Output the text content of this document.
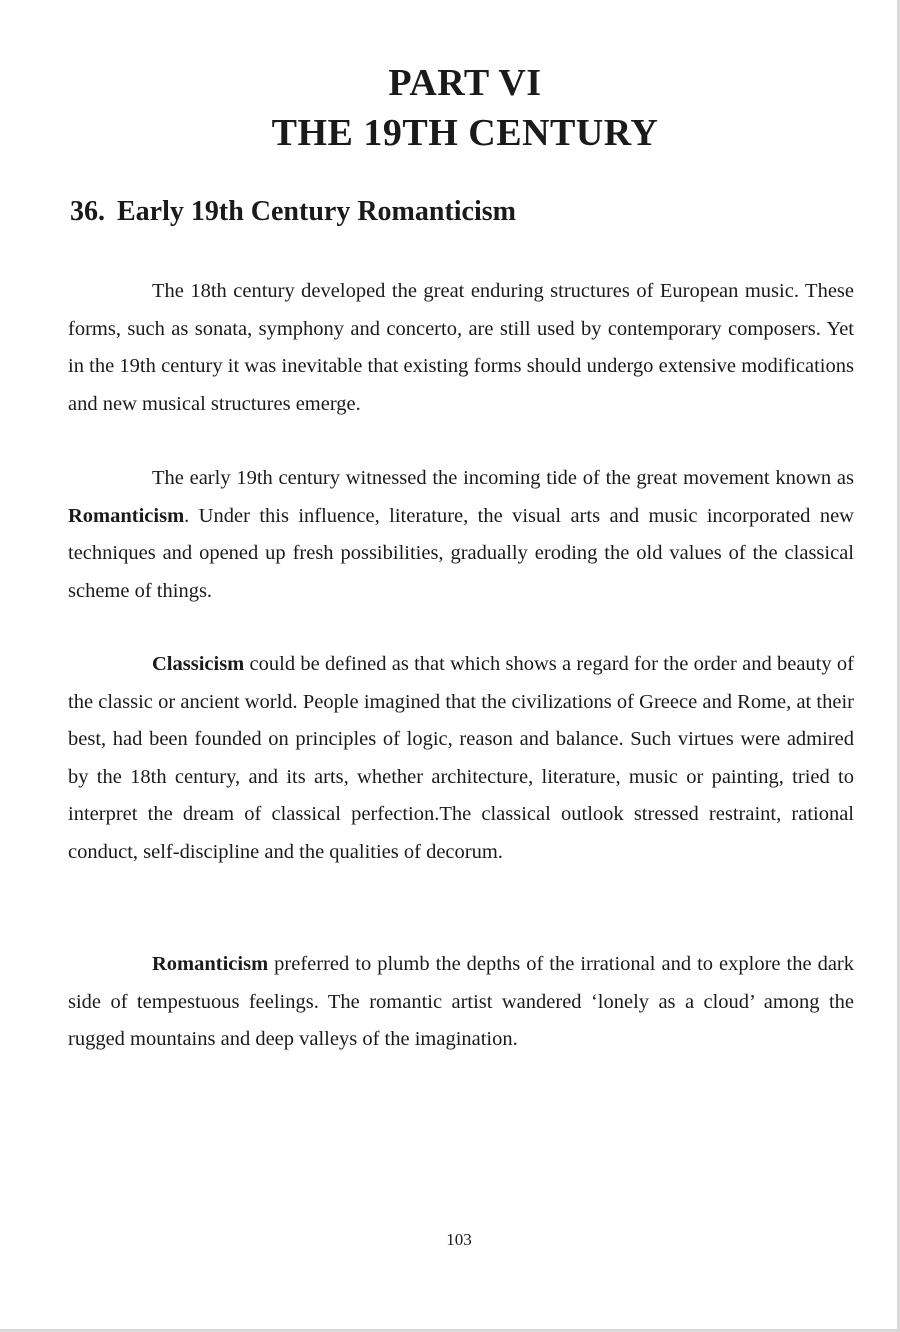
PART VI
THE 19TH CENTURY
36. Early 19th Century Romanticism

The 18th century developed the great enduring structures of European music. These forms, such as sonata, symphony and concerto, are still used by contemporary composers. Yet in the 19th century it was inevitable that existing forms should undergo extensive modifications and new musical structures emerge.

The early 19th century witnessed the incoming tide of the great movement known as Romanticism. Under this influence, literature, the visual arts and music incorporated new techniques and opened up fresh possibilities, gradually eroding the old values of the classical scheme of things.

Classicism could be defined as that which shows a regard for the order and beauty of the classic or ancient world. People imagined that the civilizations of Greece and Rome, at their best, had been founded on principles of logic, reason and balance. Such virtues were admired by the 18th century, and its arts, whether architecture, literature, music or painting, tried to interpret the dream of classical perfection.The classical outlook stressed restraint, rational conduct, self-discipline and the qualities of decorum.

Romanticism preferred to plumb the depths of the irrational and to explore the dark side of tempestuous feelings. The romantic artist wandered ‘lonely as a cloud’ among the rugged mountains and deep valleys of the imagination.

103
